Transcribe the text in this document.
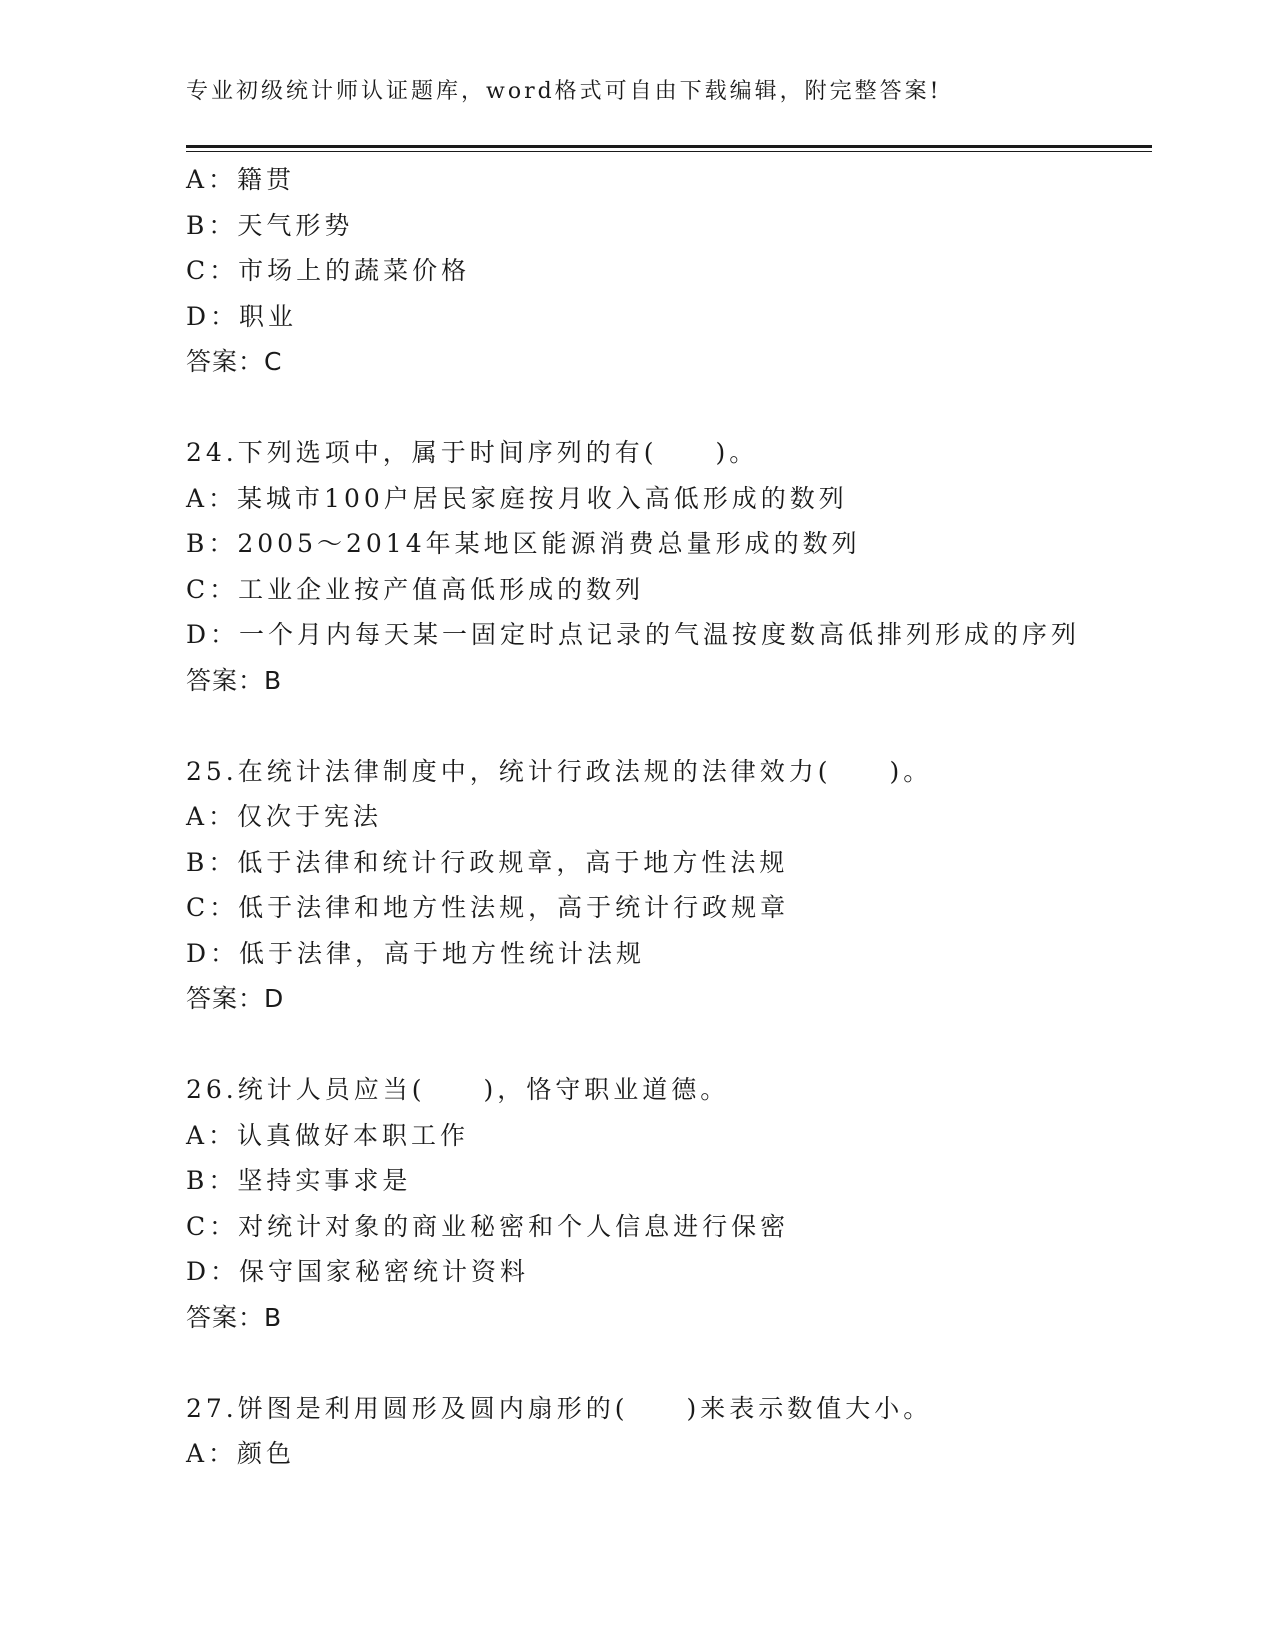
专业初级统计师认证题库，word格式可自由下载编辑，附完整答案!
A：籍贯
B：天气形势
C：市场上的蔬菜价格
D：职业
答案：C
24.下列选项中，属于时间序列的有(　　)。
A：某城市100户居民家庭按月收入高低形成的数列
B：2005～2014年某地区能源消费总量形成的数列
C：工业企业按产值高低形成的数列
D：一个月内每天某一固定时点记录的气温按度数高低排列形成的序列
答案：B
25.在统计法律制度中，统计行政法规的法律效力(　　)。
A：仅次于宪法
B：低于法律和统计行政规章，高于地方性法规
C：低于法律和地方性法规，高于统计行政规章
D：低于法律，高于地方性统计法规
答案：D
26.统计人员应当(　　)，恪守职业道德。
A：认真做好本职工作
B：坚持实事求是
C：对统计对象的商业秘密和个人信息进行保密
D：保守国家秘密统计资料
答案：B
27.饼图是利用圆形及圆内扇形的(　　)来表示数值大小。
A：颜色
